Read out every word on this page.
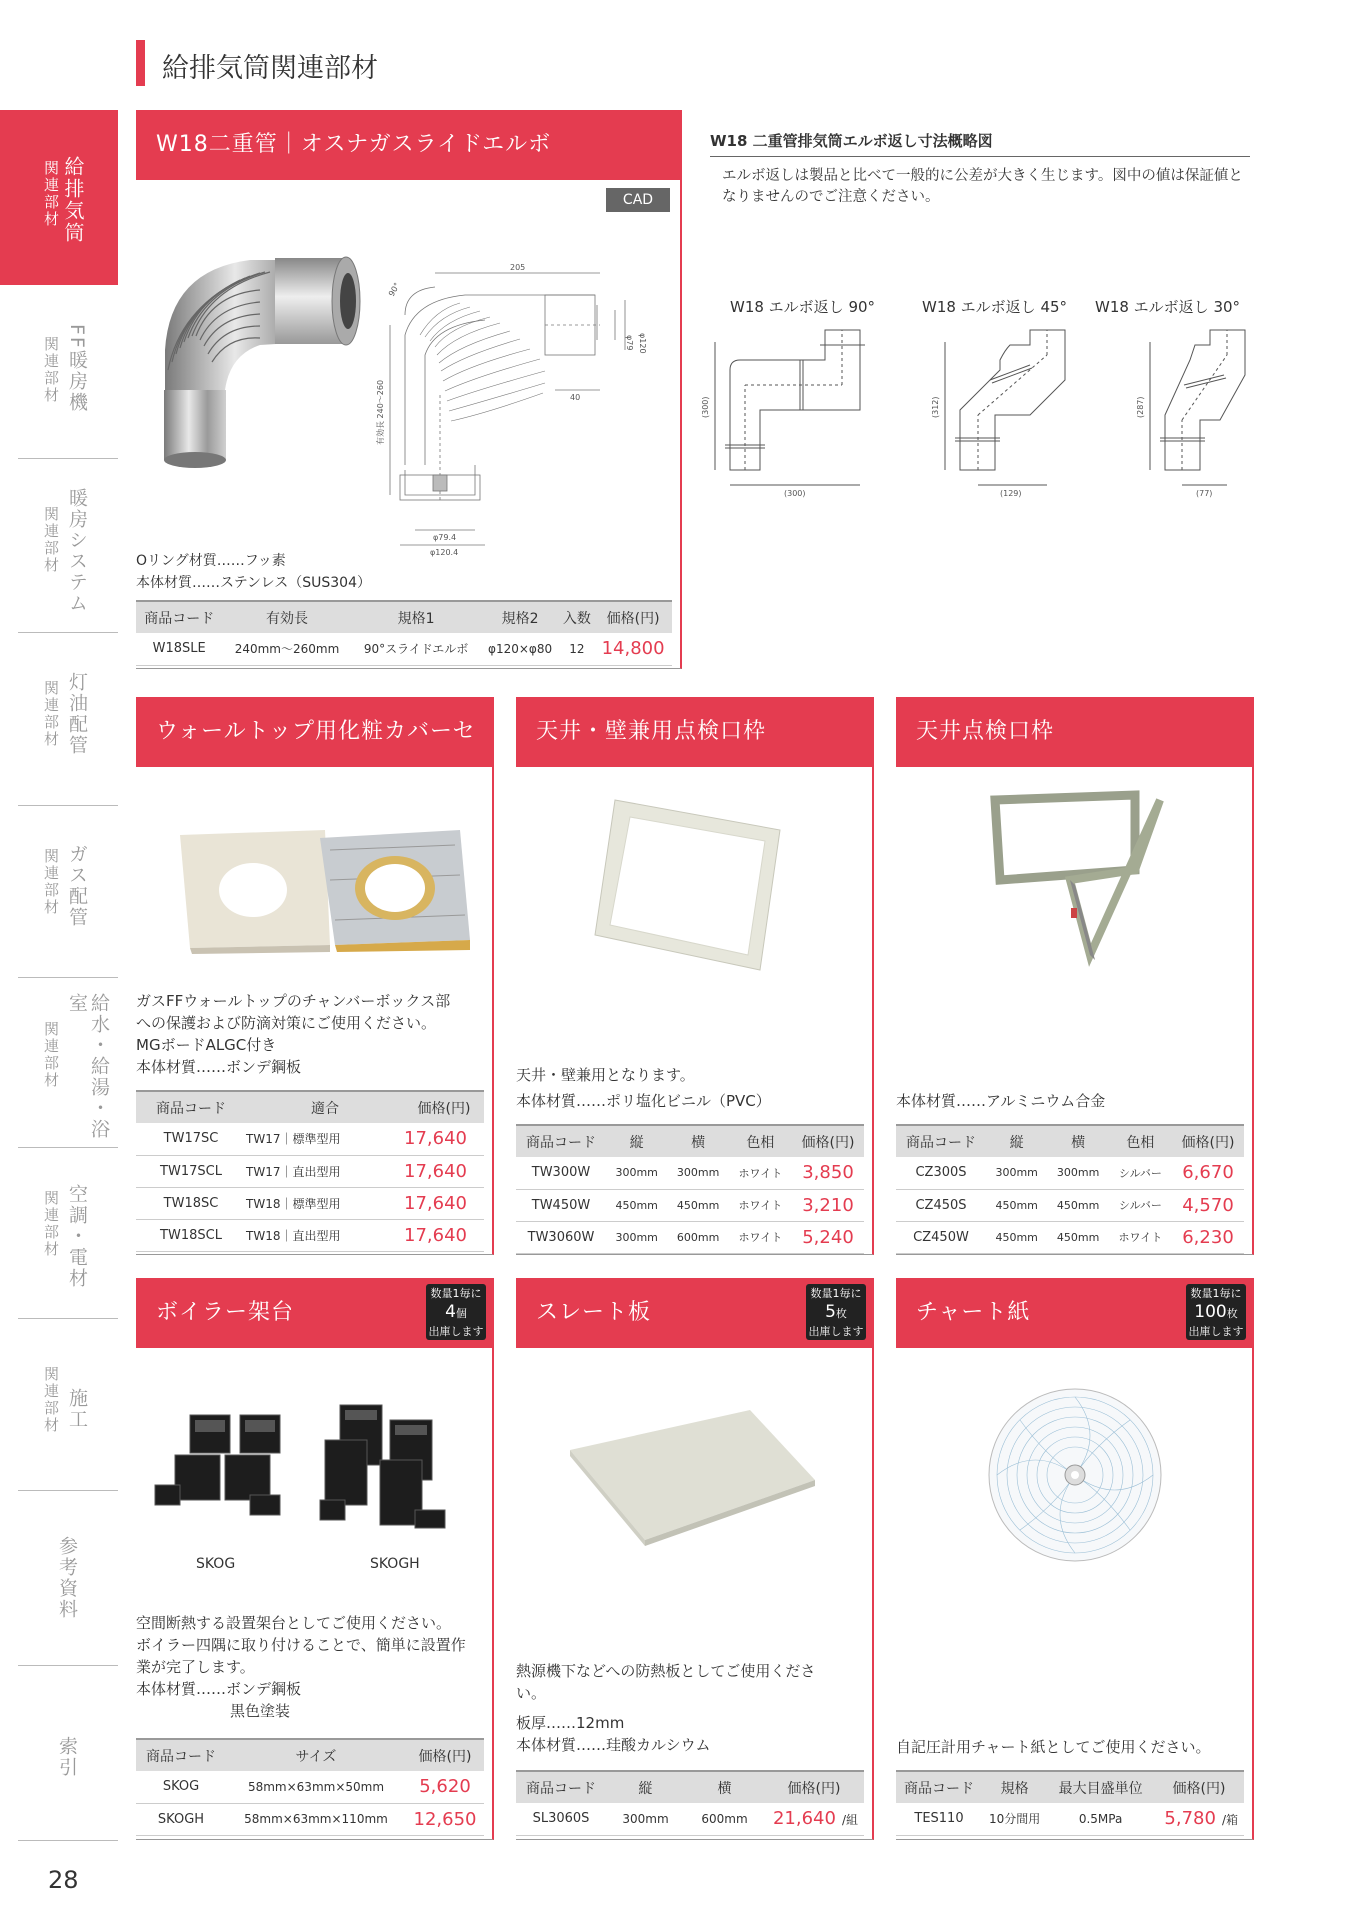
給排気筒関連部材
給排気筒
関連部材
FF暖房機
関連部材
暖房システム
関連部材
灯油配管
関連部材
ガス配管
関連部材
給水・給湯・浴室
関連部材
空調・電材
関連部材
施工
関連部材
参考資料
索引
W18二重管｜オスナガスライドエルボ
CAD
205
90°
φ79 φ120
40
有効長 240〜260
φ79.4
φ120.4
Oリング材質……フッ素
本体材質……ステンレス（SUS304）
商品コード	有効長	規格1	規格2	入数	価格(円)
W18SLE	240mm〜260mm	90°スライドエルボ	φ120×φ80	12	14,800
W18 二重管排気筒エルボ返し寸法概略図
エルボ返しは製品と比べて一般的に公差が大きく生じます。図中の値は保証値となりませんのでご注意ください。
W18 エルボ返し 90°	W18 エルボ返し 45° W18 エルボ返し 30°
(300)
(300)
(312)
(129)
(287)
(77)
ウォールトップ用化粧カバーセット
ガスFFウォールトップのチャンバーボックス部
への保護および防滴対策にご使用ください。
MGボードALGC付き
本体材質……ボンデ鋼板
商品コード	適合	価格(円)
TW17SC	TW17｜標準型用	17,640
TW17SCL	TW17｜直出型用	17,640
TW18SC	TW18｜標準型用	17,640
TW18SCL	TW18｜直出型用	17,640
天井・壁兼用点検口枠
天井・壁兼用となります。
本体材質……ポリ塩化ビニル（PVC）
商品コード	縦	横	色相	価格(円)
TW300W	300mm	300mm	ホワイト	3,850
TW450W	450mm	450mm	ホワイト	3,210
TW3060W	300mm	600mm	ホワイト	5,240
天井点検口枠
本体材質……アルミニウム合金
商品コード	縦	横	色相	価格(円)
CZ300S	300mm	300mm	シルバー	6,670
CZ450S	450mm	450mm	シルバー	4,570
CZ450W	450mm	450mm	ホワイト	6,230
ボイラー架台
数量1毎に
4個
出庫します
SKOG	SKOGH
空間断熱する設置架台としてご使用ください。
ボイラー四隅に取り付けることで、簡単に設置作
業が完了します。
本体材質……ボンデ鋼板
黒色塗装
商品コード	サイズ	価格(円)
SKOG	58mm×63mm×50mm	5,620
SKOGH	58mm×63mm×110mm	12,650
スレート板
数量1毎に
5枚
出庫します
熱源機下などへの防熱板としてご使用くださ
い。
板厚……12mm
本体材質……珪酸カルシウム
商品コード	縦	横	価格(円)
SL3060S	300mm	600mm	21,640 /組
チャート紙
数量1毎に
100枚
出庫します
自記圧計用チャート紙としてご使用ください。
商品コード	規格	最大目盛単位	価格(円)
TES110	10分間用	0.5MPa	5,780 /箱
28
